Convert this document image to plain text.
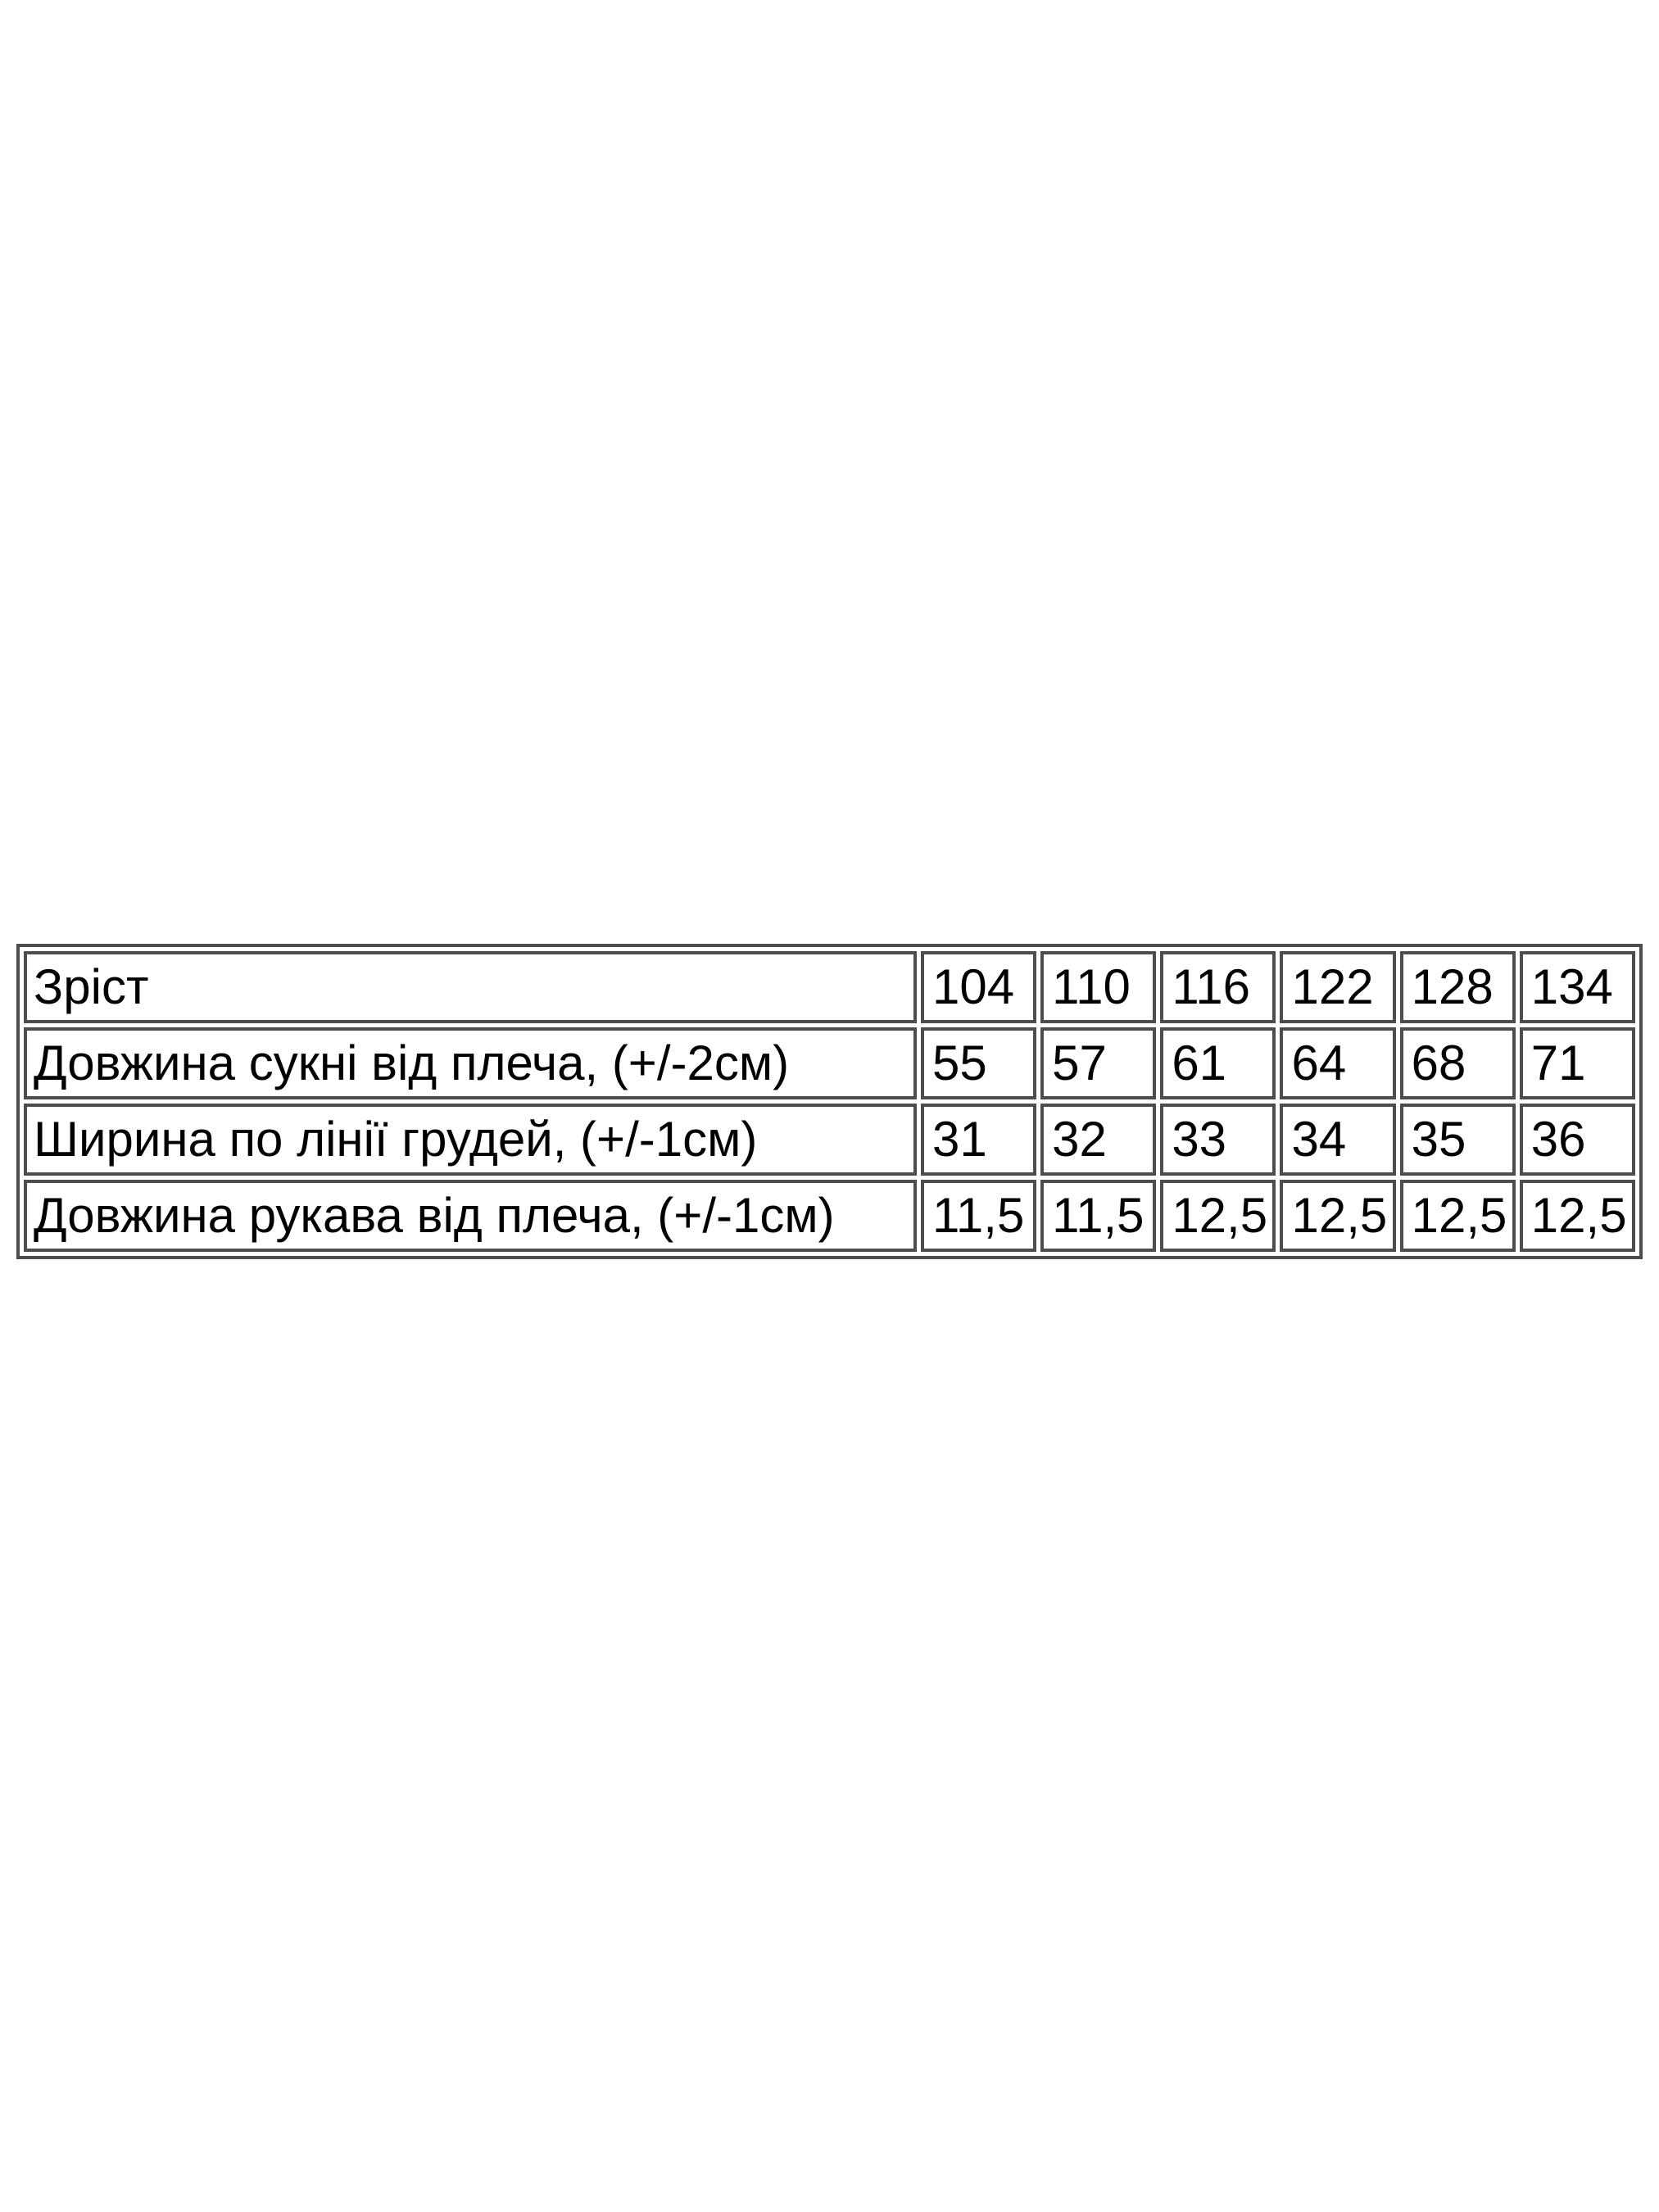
Зріст	104	110	116	122	128	134
Довжина сукні від плеча, (+/-2см)	55	57	61	64	68	71
Ширина по лінії грудей, (+/-1см)	31	32	33	34	35	36
Довжина рукава від плеча, (+/-1см)	11,5	11,5	12,5	12,5	12,5	12,5
